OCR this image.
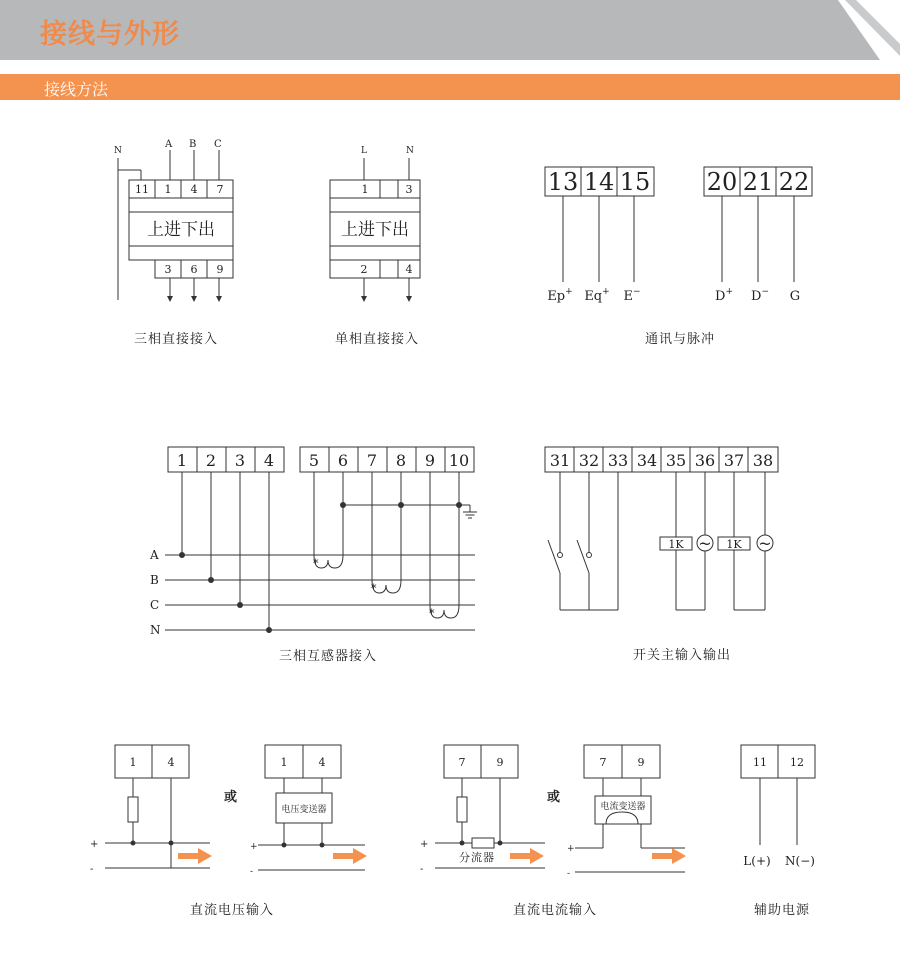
接线与外形
接线方法
N
A B C
11 1 4 7
上进下出
3 6 9
三相直接接入
L	N
1	3
上进下出
2	4
单相直接接入
13 14 15 20 21 22
Ep+ Eq+ E−	D+ D− G
通讯与脉冲
1 2 3 4 5 6 7 8 9 10
A
B
C
N
*
*
*
三相互感器接入
31 32 33 34 35 36 37 38
1K	1K
~	~
开关主输入输出
1	4
或
1	4
电压变送器
+
-
+
-
直流电压输入
7	9
或
7	9
电流变送器
分流器
+
-
+
-
直流电流输入
11 12
L(+) N(−)
辅助电源
